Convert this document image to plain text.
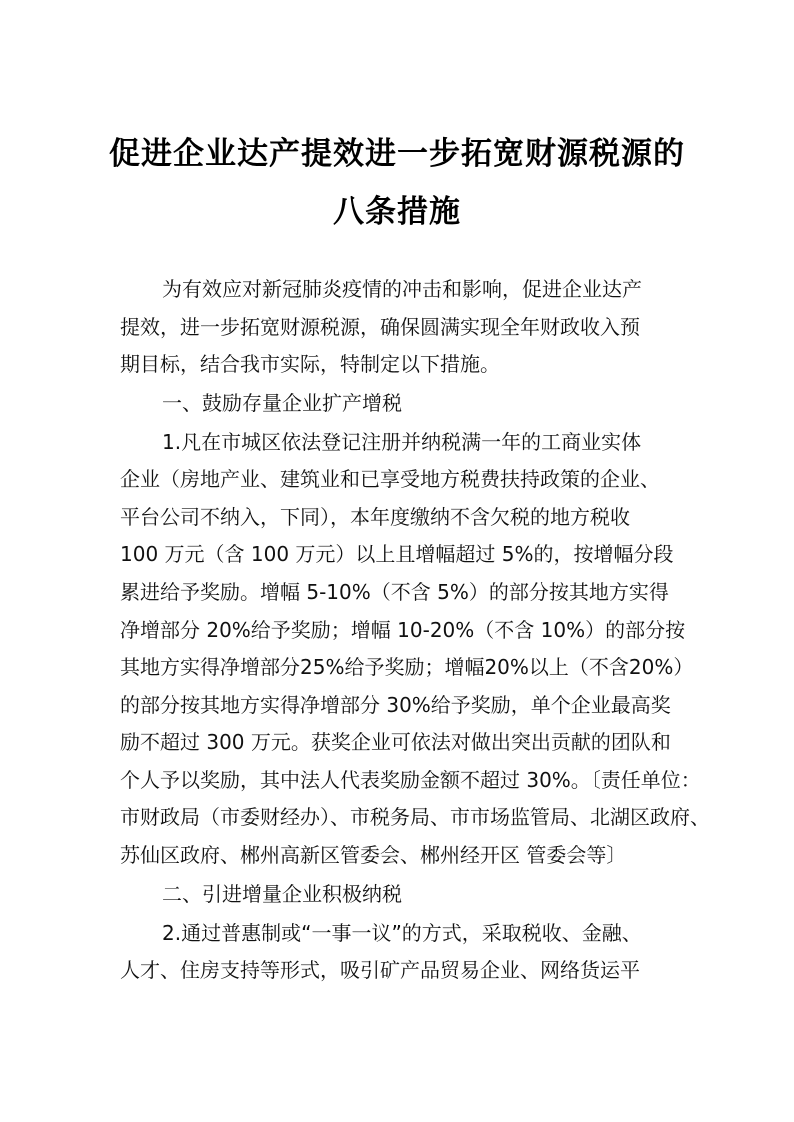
促进企业达产提效进一步拓宽财源税源的
八条措施
为有效应对新冠肺炎疫情的冲击和影响，促进企业达产
提效，进一步拓宽财源税源，确保圆满实现全年财政收入预
期目标，结合我市实际，特制定以下措施。
一、鼓励存量企业扩产增税
1.凡在市城区依法登记注册并纳税满一年的工商业实体
企业（房地产业、建筑业和已享受地方税费扶持政策的企业、
平台公司不纳入，下同），本年度缴纳不含欠税的地方税收
100 万元（含 100 万元）以上且增幅超过 5%的，按增幅分段
累进给予奖励。增幅 5-10%（不含 5%）的部分按其地方实得
净增部分 20%给予奖励；增幅 10-20%（不含 10%）的部分按
其地方实得净增部分25%给予奖励；增幅20%以上（不含20%）
的部分按其地方实得净增部分 30%给予奖励，单个企业最高奖
励不超过 300 万元。获奖企业可依法对做出突出贡献的团队和
个人予以奖励，其中法人代表奖励金额不超过 30%。〔责任单位：
市财政局（市委财经办）、市税务局、市市场监管局、北湖区政府、
苏仙区政府、郴州高新区管委会、郴州经开区 管委会等〕
二、引进增量企业积极纳税
2.通过普惠制或“一事一议”的方式，采取税收、金融、
人才、住房支持等形式，吸引矿产品贸易企业、网络货运平
